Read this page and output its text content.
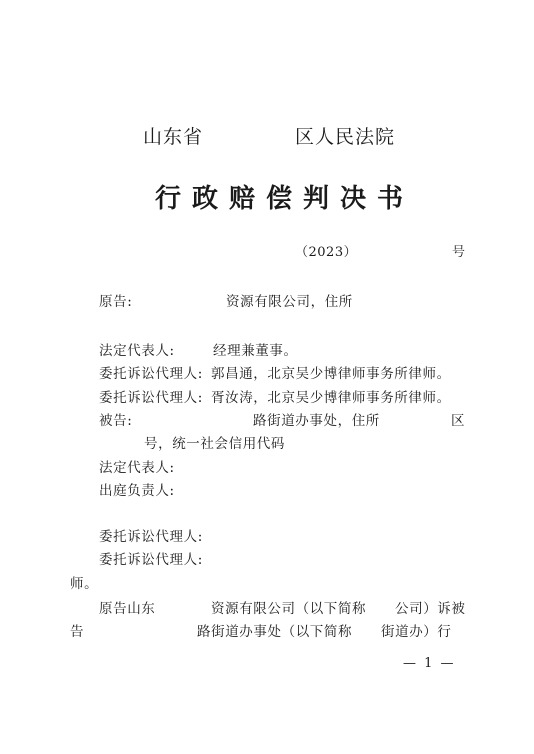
山东省	区人民法院
行政赔偿判决书
（2023）	号
原告:	资源有限公司，住所
法定代表人:	经理兼董事。
委托诉讼代理人: 郭昌通，北京吴少博律师事务所律师。
委托诉讼代理人: 胥汝涛，北京吴少博律师事务所律师。
被告:	路街道办事处，住所	区
号，统一社会信用代码
法定代表人:
出庭负责人:
委托诉讼代理人:
委托诉讼代理人:
师。
原告山东	资源有限公司（以下简称 公司）诉被
告	路街道办事处（以下简称 街道办）行
— 1 —
